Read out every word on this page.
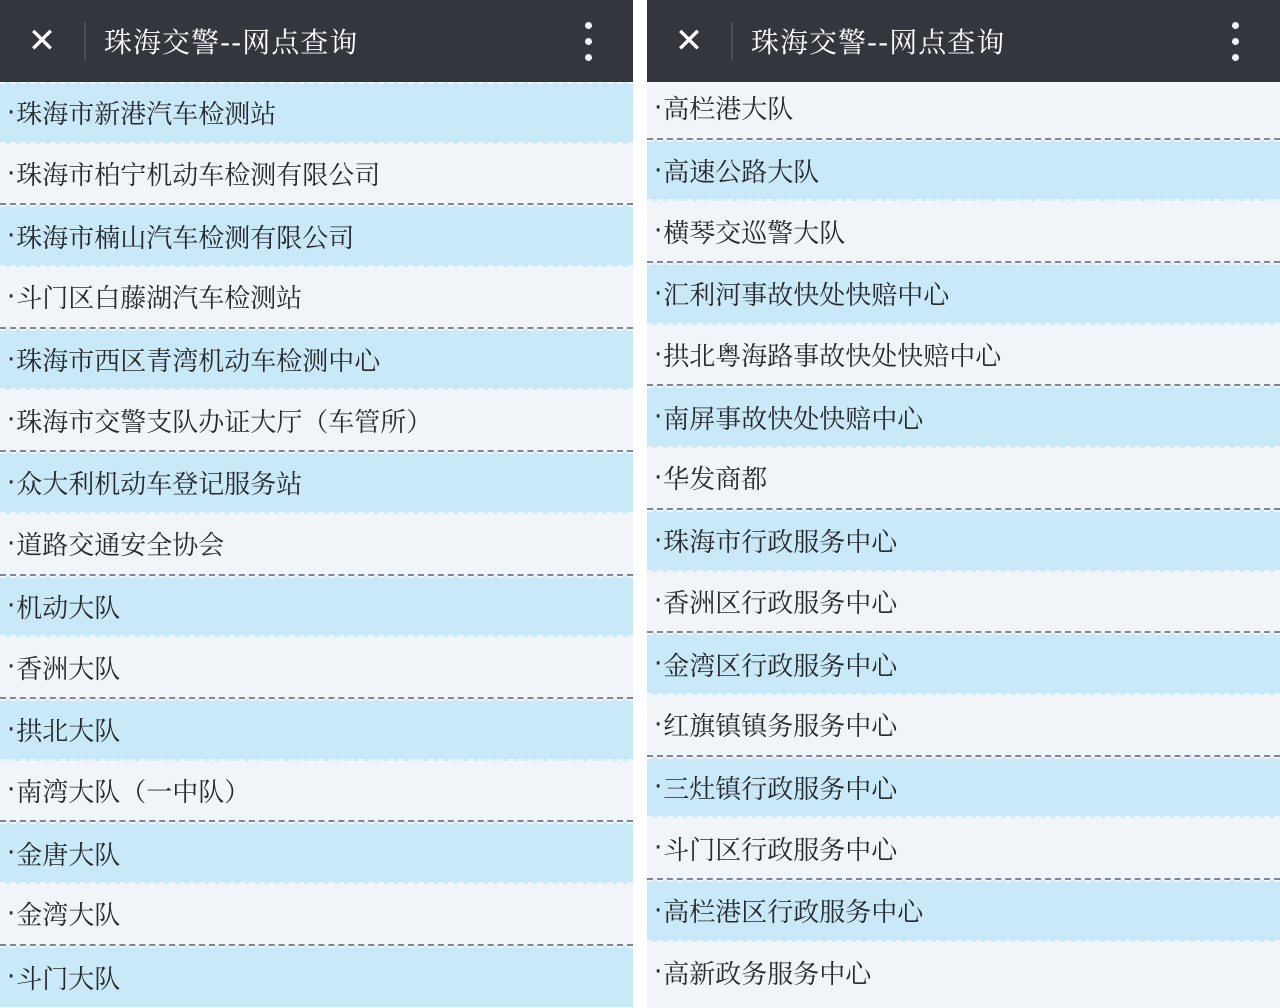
✕ 珠海交警--网点查询
· 珠海市新港汽车检测站
· 珠海市柏宁机动车检测有限公司
· 珠海市楠山汽车检测有限公司
· 斗门区白藤湖汽车检测站
· 珠海市西区青湾机动车检测中心
· 珠海市交警支队办证大厅（车管所）
· 众大利机动车登记服务站
· 道路交通安全协会
· 机动大队
· 香洲大队
· 拱北大队
· 南湾大队（一中队）
· 金唐大队
· 金湾大队
· 斗门大队
✕ 珠海交警--网点查询
· 高栏港大队
· 高速公路大队
· 横琴交巡警大队
· 汇利河事故快处快赔中心
· 拱北粤海路事故快处快赔中心
· 南屏事故快处快赔中心
· 华发商都
· 珠海市行政服务中心
· 香洲区行政服务中心
· 金湾区行政服务中心
· 红旗镇镇务服务中心
· 三灶镇行政服务中心
· 斗门区行政服务中心
· 高栏港区行政服务中心
· 高新政务服务中心
